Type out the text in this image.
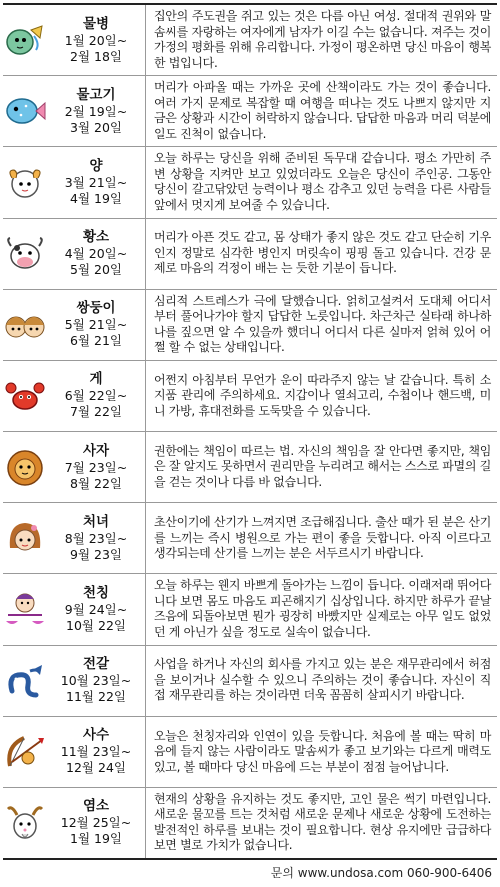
물병
1월 20일~
2월 18일
집안의 주도권을 쥐고 있는 것은 다름 아닌 여성. 절대적 권위와 말솜씨를 자랑하는 여자에게 남자가 이길 수는 없습니다. 져주는 것이 가정의 평화를 위해 유리합니다. 가정이 평온하면 당신 마음이 행복한 법입니다.
물고기
2월 19일~
3월 20일
머리가 아파올 때는 가까운 곳에 산책이라도 가는 것이 좋습니다. 여러 가지 문제로 복잡할 때 여행을 떠나는 것도 나쁘지 않지만 지금은 상황과 시간이 허락하지 않습니다. 답답한 마음과 머리 덕분에 일도 진척이 없습니다.
양
3월 21일~
4월 19일
오늘 하루는 당신을 위해 준비된 독무대 같습니다. 평소 가만히 주변 상황을 지켜만 보고 있었더라도 오늘은 당신이 주인공. 그동안 당신이 갈고닦았던 능력이나 평소 감추고 있던 능력을 다른 사람들 앞에서 멋지게 보여줄 수 있습니다.
황소
4월 20일~
5월 20일
머리가 아픈 것도 같고, 몸 상태가 좋지 않은 것도 같고 단순히 기우인지 정말로 심각한 병인지 머릿속이 핑핑 돌고 있습니다. 건강 문제로 마음의 걱정이 배는 는 듯한 기분이 듭니다.
쌍둥이
5월 21일~
6월 21일
심리적 스트레스가 극에 달했습니다. 얽히고설켜서 도대체 어디서부터 풀어나가야 할지 답답한 노릇입니다. 차근차근 실타래 하나하나를 짚으면 알 수 있을까 했더니 어디서 다른 실마저 얽혀 있어 어쩔 할 수 없는 상태입니다.
게
6월 22일~
7월 22일
어쩐지 아침부터 무언가 운이 따라주지 않는 날 같습니다. 특히 소지품 관리에 주의하세요. 지갑이나 열쇠고리, 수첩이나 핸드백, 미니 가방, 휴대전화를 도둑맞을 수 있습니다.
사자
7월 23일~
8월 22일
권한에는 책임이 따르는 법. 자신의 책임을 잘 안다면 좋지만, 책임은 잘 알지도 못하면서 권리만을 누리려고 해서는 스스로 파멸의 길을 걷는 것이나 다름 바 없습니다.
처녀
8월 23일~
9월 23일
초산이기에 산기가 느껴지면 조급해집니다. 출산 때가 된 분은 산기를 느끼는 즉시 병원으로 가는 편이 좋을 듯합니다. 아직 이르다고 생각되는데 산기를 느끼는 분은 서두르시기 바랍니다.
천칭
9월 24일~
10월 22일
오늘 하루는 웬지 바쁘게 돌아가는 느낌이 듭니다. 이래저래 뛰어다니다 보면 몸도 마음도 피곤해지기 십상입니다. 하지만 하루가 끝날 즈음에 되돌아보면 뭔가 굉장히 바빴지만 실제로는 아무 일도 없었던 게 아닌가 싶을 정도로 실속이 없습니다.
전갈
10월 23일~
11월 22일
사업을 하거나 자신의 회사를 가지고 있는 분은 재무관리에서 허점을 보이거나 실수할 수 있으니 주의하는 것이 좋습니다. 자신이 직접 재무관리를 하는 것이라면 더욱 꼼꼼히 살피시기 바랍니다.
사수
11월 23일~
12월 24일
오늘은 천칭자리와 인연이 있을 듯합니다. 처음에 볼 때는 딱히 마음에 들지 않는 사람이라도 말솜씨가 좋고 보기와는 다르게 매력도 있고, 볼 때마다 당신 마음에 드는 부분이 점점 늘어납니다.
염소
12월 25일~
1월 19일
현재의 상황을 유지하는 것도 좋지만, 고인 물은 썩기 마련입니다. 새로운 물꼬를 트는 것처럼 새로운 문제나 새로운 상황에 도전하는 발전적인 하루를 보내는 것이 필요합니다. 현상 유지에만 급급하다 보면 별로 가치가 없습니다.
문의 www.undosa.com 060-900-6406
